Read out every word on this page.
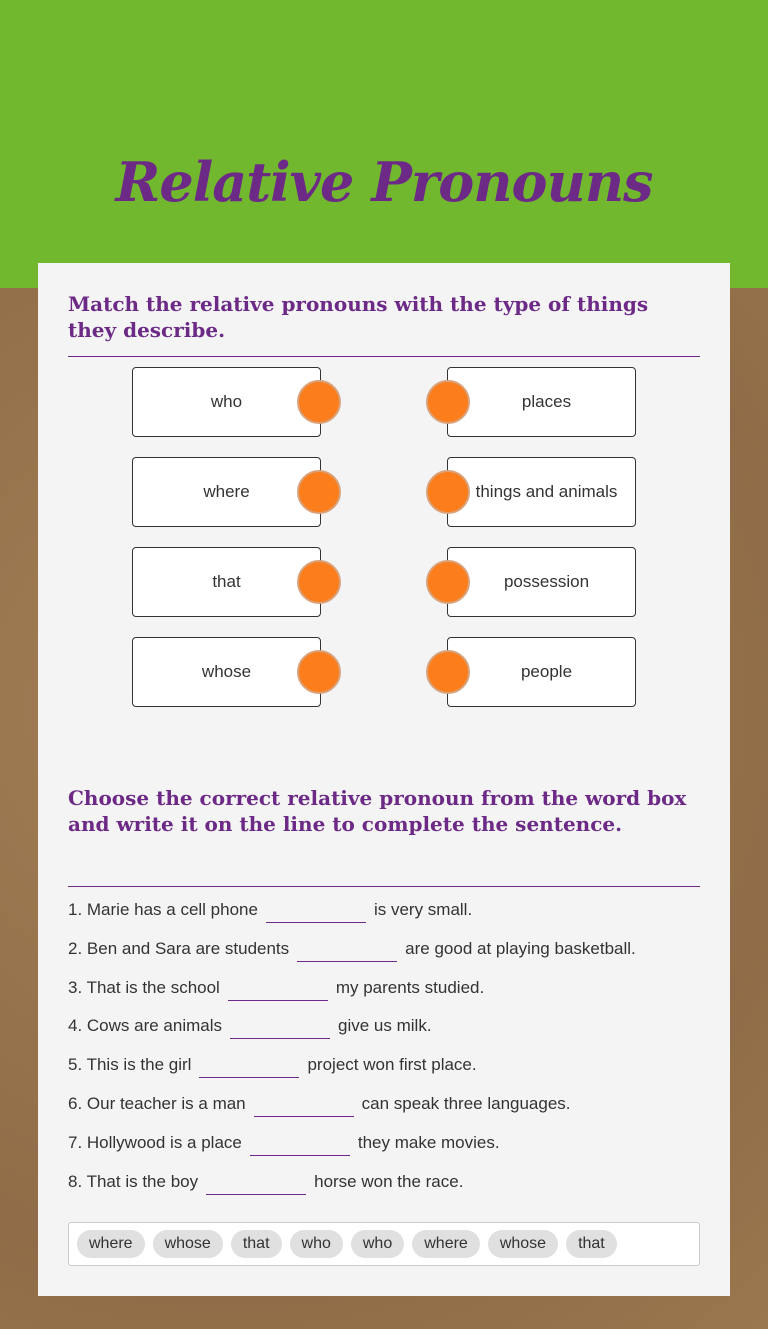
Relative Pronouns
Match the relative pronouns with the type of things they describe.
who	places
where	things and animals
that	possession
whose	people
Choose the correct relative pronoun from the word box and write it on the line to complete the sentence.
1. Marie has a cell phone	is very small.
2. Ben and Sara are students	are good at playing basketball.
3. That is the school	my parents studied.
4. Cows are animals	give us milk.
5. This is the girl	project won first place.
6. Our teacher is a man	can speak three languages.
7. Hollywood is a place	they make movies.
8. That is the boy	horse won the race.
where	whose	that	who	who	where	whose	that
